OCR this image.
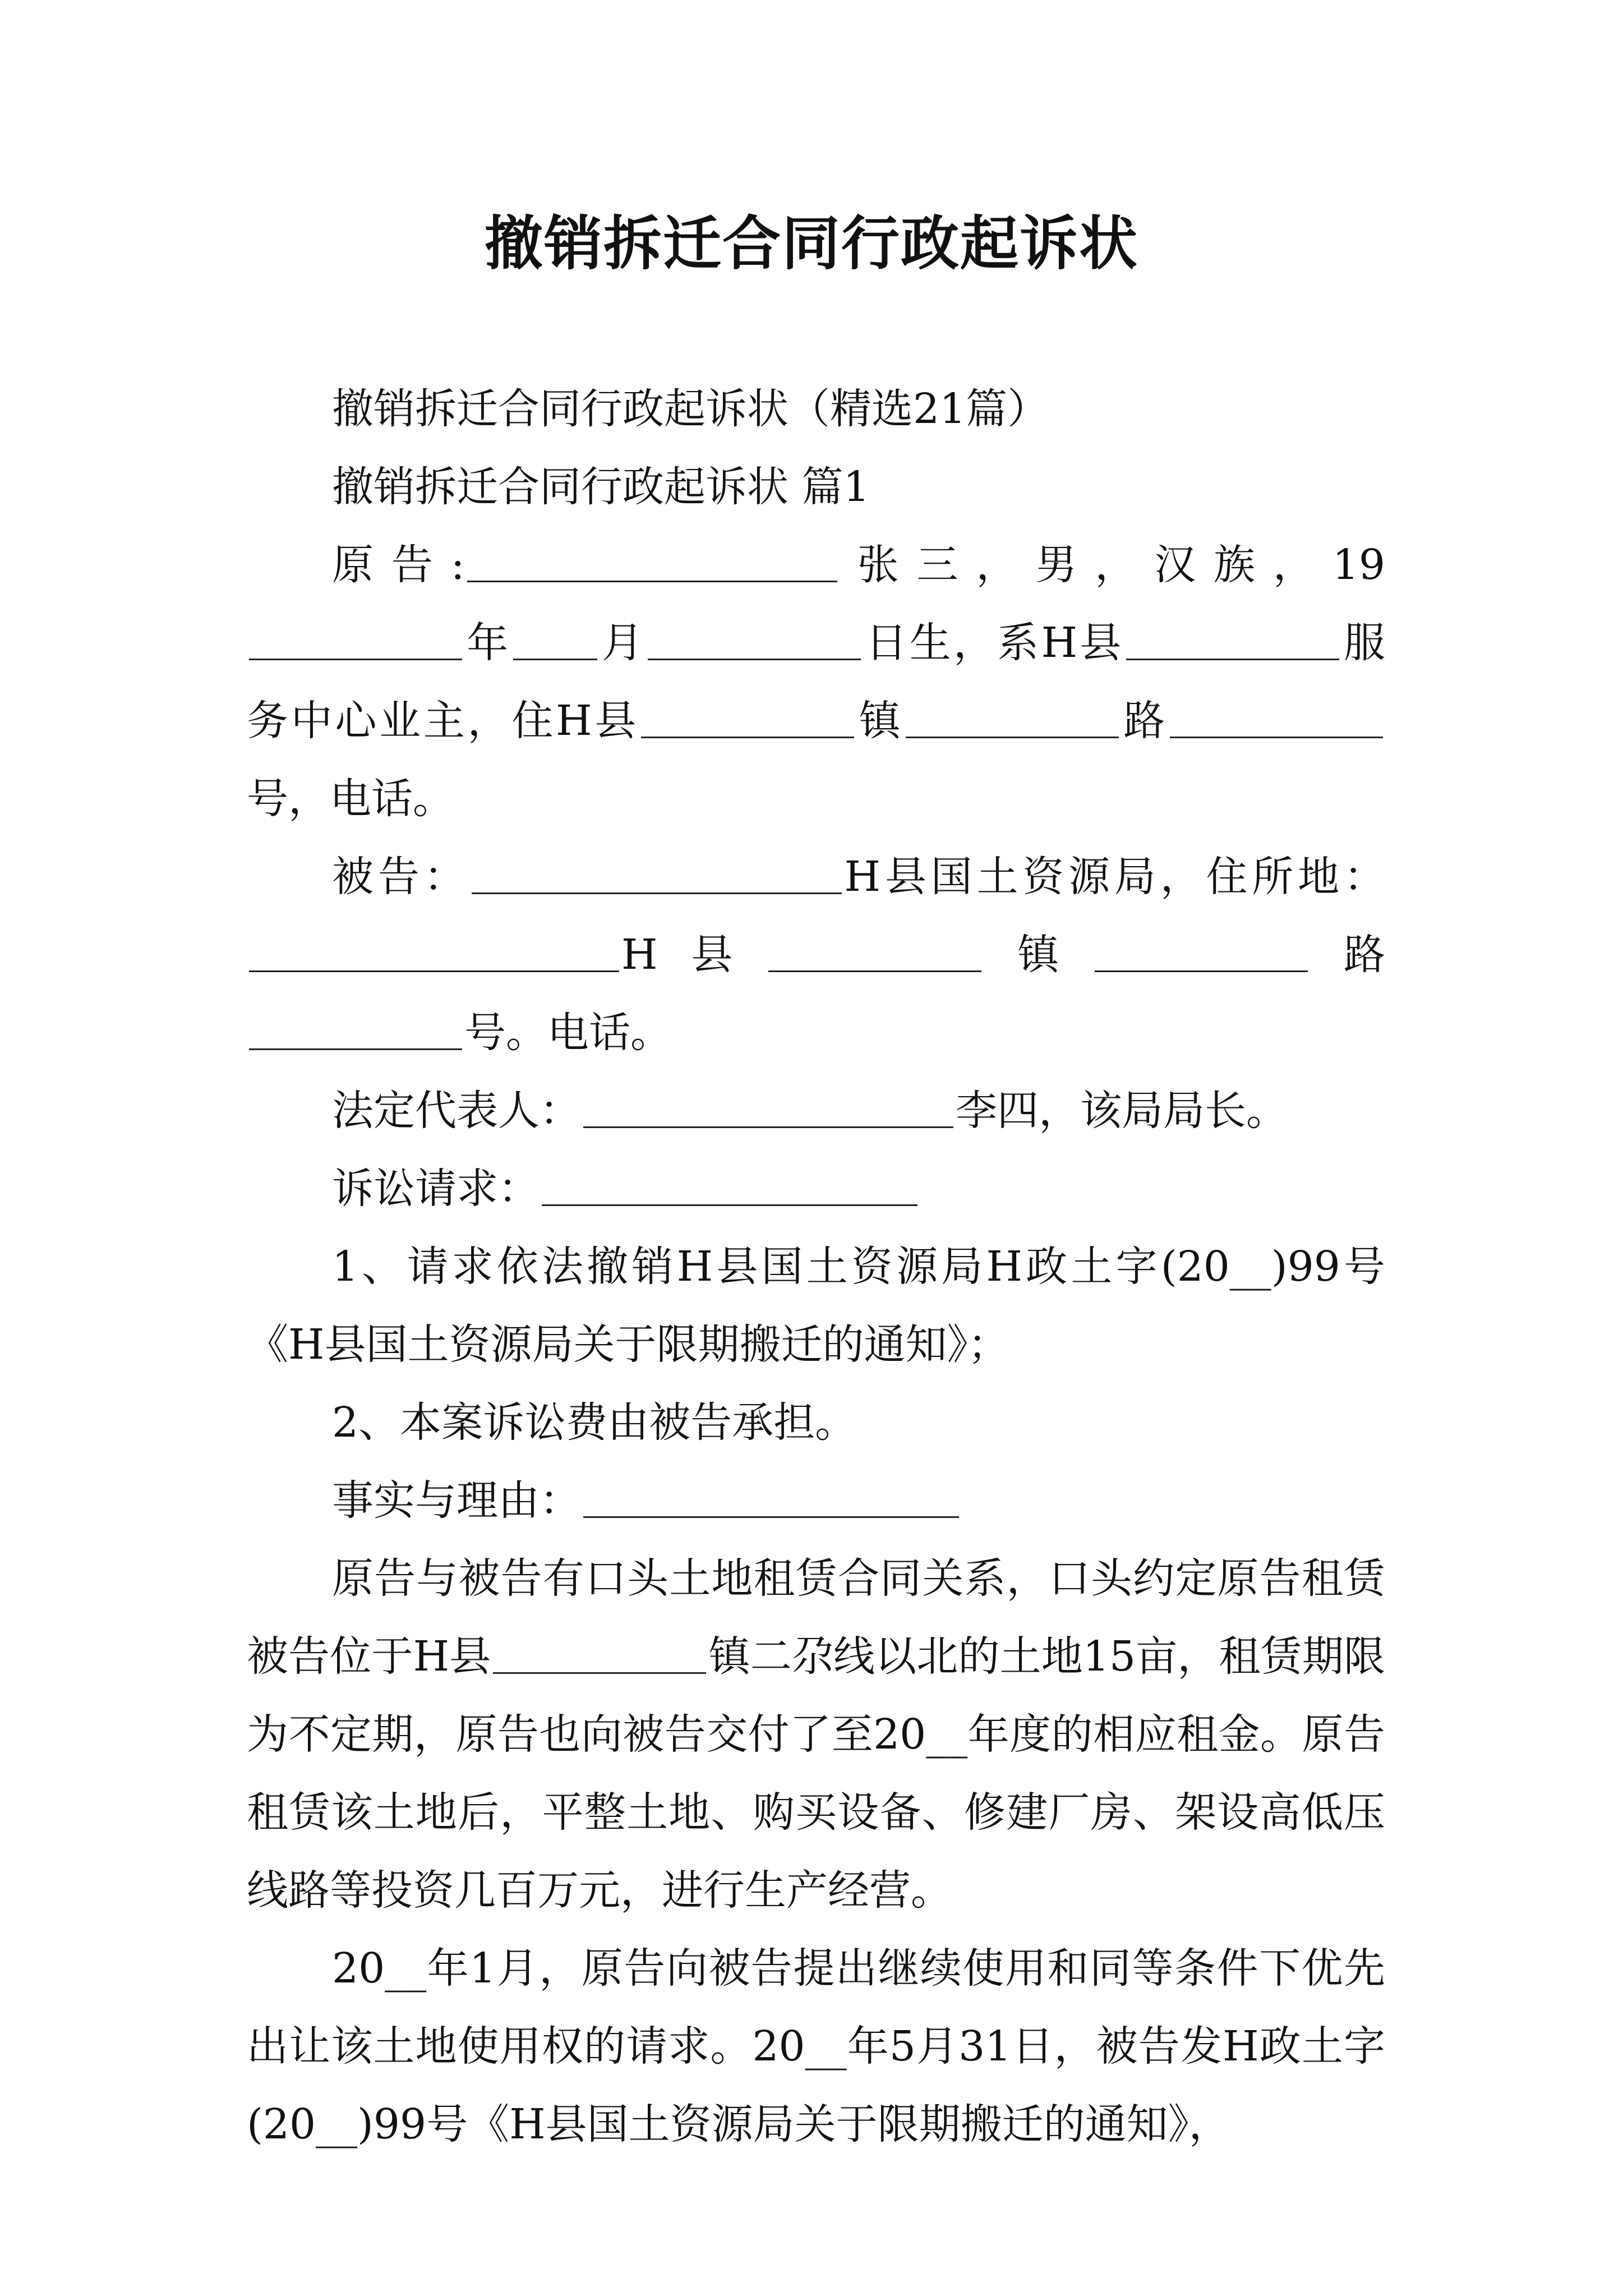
撤销拆迁合同行政起诉状

撤销拆迁合同行政起诉状（精选21篇）

撤销拆迁合同行政起诉状 篇1

原告:	张三，男，汉族，19年 月	日生，系H县	服务中心业主，住H县	镇	路号，电话。

被告：	H县国土资源局，住所地：H县	镇	路号。电话。

法定代表人：	李四，该局局长。

诉讼请求：

1、请求依法撤销H县国土资源局H政土字(20__)99号《H县国土资源局关于限期搬迁的通知》；

2、本案诉讼费由被告承担。

事实与理由：

原告与被告有口头土地租赁合同关系，口头约定原告租赁被告位于H县	镇二尕线以北的土地15亩，租赁期限为不定期，原告也向被告交付了至20__年度的相应租金。原告租赁该土地后，平整土地、购买设备、修建厂房、架设高低压线路等投资几百万元，进行生产经营。

20__年1月，原告向被告提出继续使用和同等条件下优先出让该土地使用权的请求。20__年5月31日，被告发H政土字(20__)99号《H县国土资源局关于限期搬迁的通知》，
